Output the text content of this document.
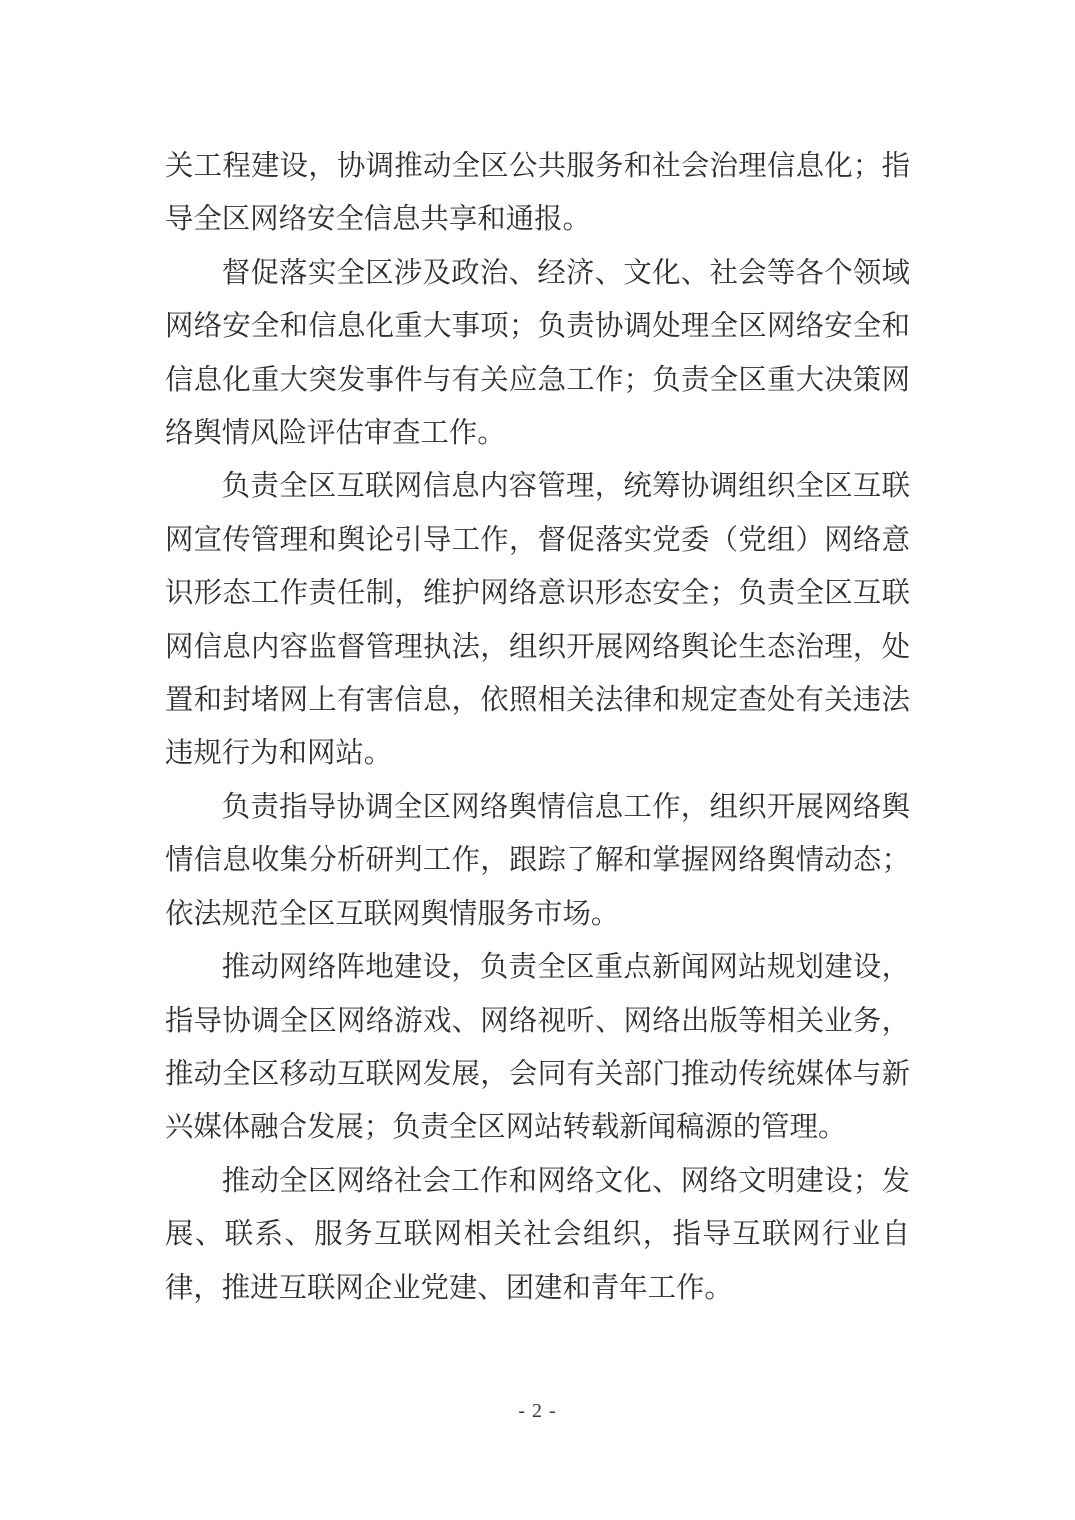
关工程建设，协调推动全区公共服务和社会治理信息化；指导全区网络安全信息共享和通报。

督促落实全区涉及政治、经济、文化、社会等各个领域网络安全和信息化重大事项；负责协调处理全区网络安全和信息化重大突发事件与有关应急工作；负责全区重大决策网络舆情风险评估审查工作。

负责全区互联网信息内容管理，统筹协调组织全区互联网宣传管理和舆论引导工作，督促落实党委（党组）网络意识形态工作责任制，维护网络意识形态安全；负责全区互联网信息内容监督管理执法，组织开展网络舆论生态治理，处置和封堵网上有害信息，依照相关法律和规定查处有关违法违规行为和网站。

负责指导协调全区网络舆情信息工作，组织开展网络舆情信息收集分析研判工作，跟踪了解和掌握网络舆情动态；依法规范全区互联网舆情服务市场。

推动网络阵地建设，负责全区重点新闻网站规划建设，指导协调全区网络游戏、网络视听、网络出版等相关业务，推动全区移动互联网发展，会同有关部门推动传统媒体与新兴媒体融合发展；负责全区网站转载新闻稿源的管理。

推动全区网络社会工作和网络文化、网络文明建设；发展、联系、服务互联网相关社会组织，指导互联网行业自律，推进互联网企业党建、团建和青年工作。

- 2 -
